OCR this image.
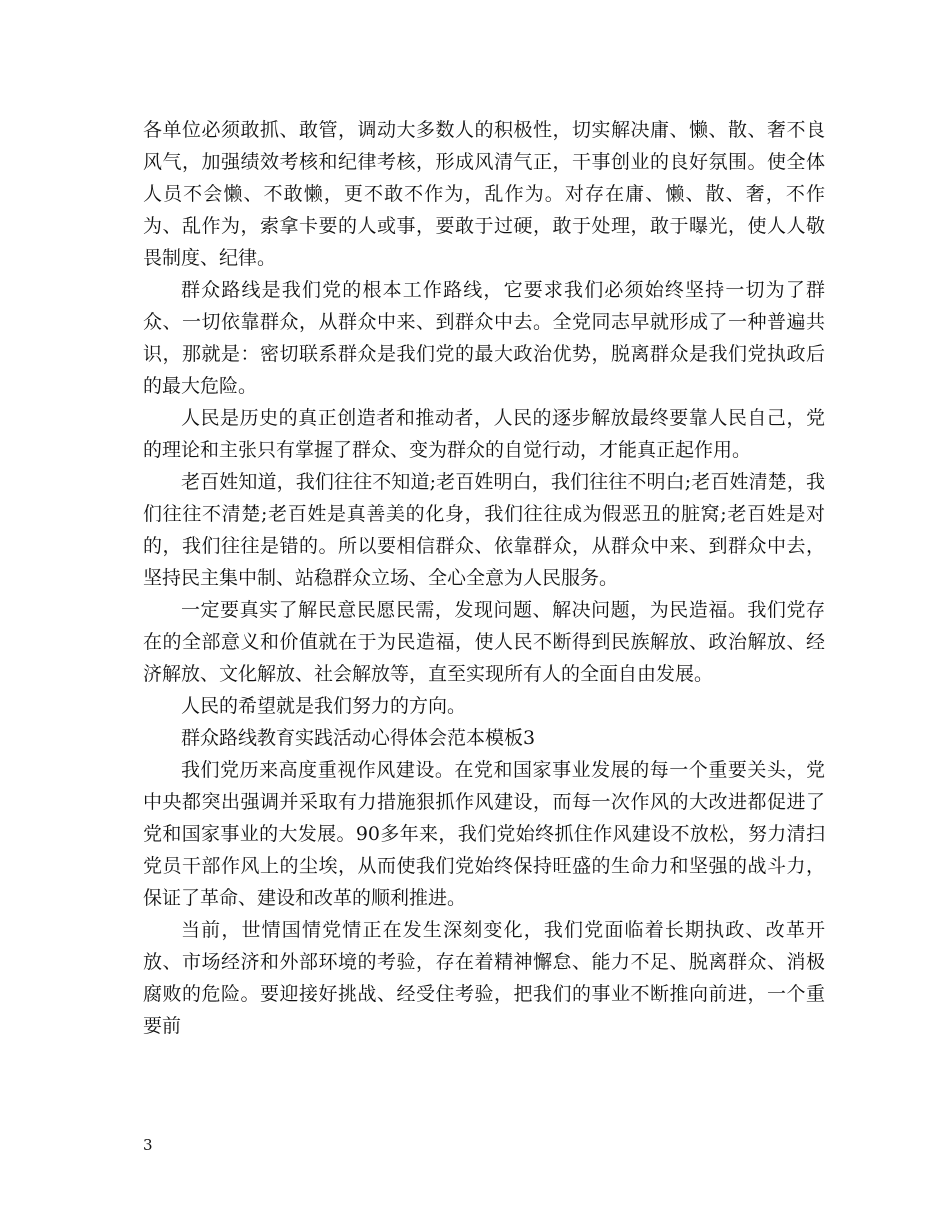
各单位必须敢抓、敢管，调动大多数人的积极性，切实解决庸、懒、散、奢不良风气，加强绩效考核和纪律考核，形成风清气正，干事创业的良好氛围。使全体人员不会懒、不敢懒，更不敢不作为，乱作为。对存在庸、懒、散、奢，不作为、乱作为，索拿卡要的人或事，要敢于过硬，敢于处理，敢于曝光，使人人敬畏制度、纪律。

群众路线是我们党的根本工作路线，它要求我们必须始终坚持一切为了群众、一切依靠群众，从群众中来、到群众中去。全党同志早就形成了一种普遍共识，那就是：密切联系群众是我们党的最大政治优势，脱离群众是我们党执政后的最大危险。

人民是历史的真正创造者和推动者，人民的逐步解放最终要靠人民自己，党的理论和主张只有掌握了群众、变为群众的自觉行动，才能真正起作用。

老百姓知道，我们往往不知道;老百姓明白，我们往往不明白;老百姓清楚，我们往往不清楚;老百姓是真善美的化身，我们往往成为假恶丑的脏窝;老百姓是对的，我们往往是错的。所以要相信群众、依靠群众，从群众中来、到群众中去，坚持民主集中制、站稳群众立场、全心全意为人民服务。

一定要真实了解民意民愿民需，发现问题、解决问题，为民造福。我们党存在的全部意义和价值就在于为民造福，使人民不断得到民族解放、政治解放、经济解放、文化解放、社会解放等，直至实现所有人的全面自由发展。

人民的希望就是我们努力的方向。

群众路线教育实践活动心得体会范本模板3

我们党历来高度重视作风建设。在党和国家事业发展的每一个重要关头，党中央都突出强调并采取有力措施狠抓作风建设，而每一次作风的大改进都促进了党和国家事业的大发展。90多年来，我们党始终抓住作风建设不放松，努力清扫党员干部作风上的尘埃，从而使我们党始终保持旺盛的生命力和坚强的战斗力，保证了革命、建设和改革的顺利推进。

当前，世情国情党情正在发生深刻变化，我们党面临着长期执政、改革开放、市场经济和外部环境的考验，存在着精神懈怠、能力不足、脱离群众、消极腐败的危险。要迎接好挑战、经受住考验，把我们的事业不断推向前进，一个重要前

3
